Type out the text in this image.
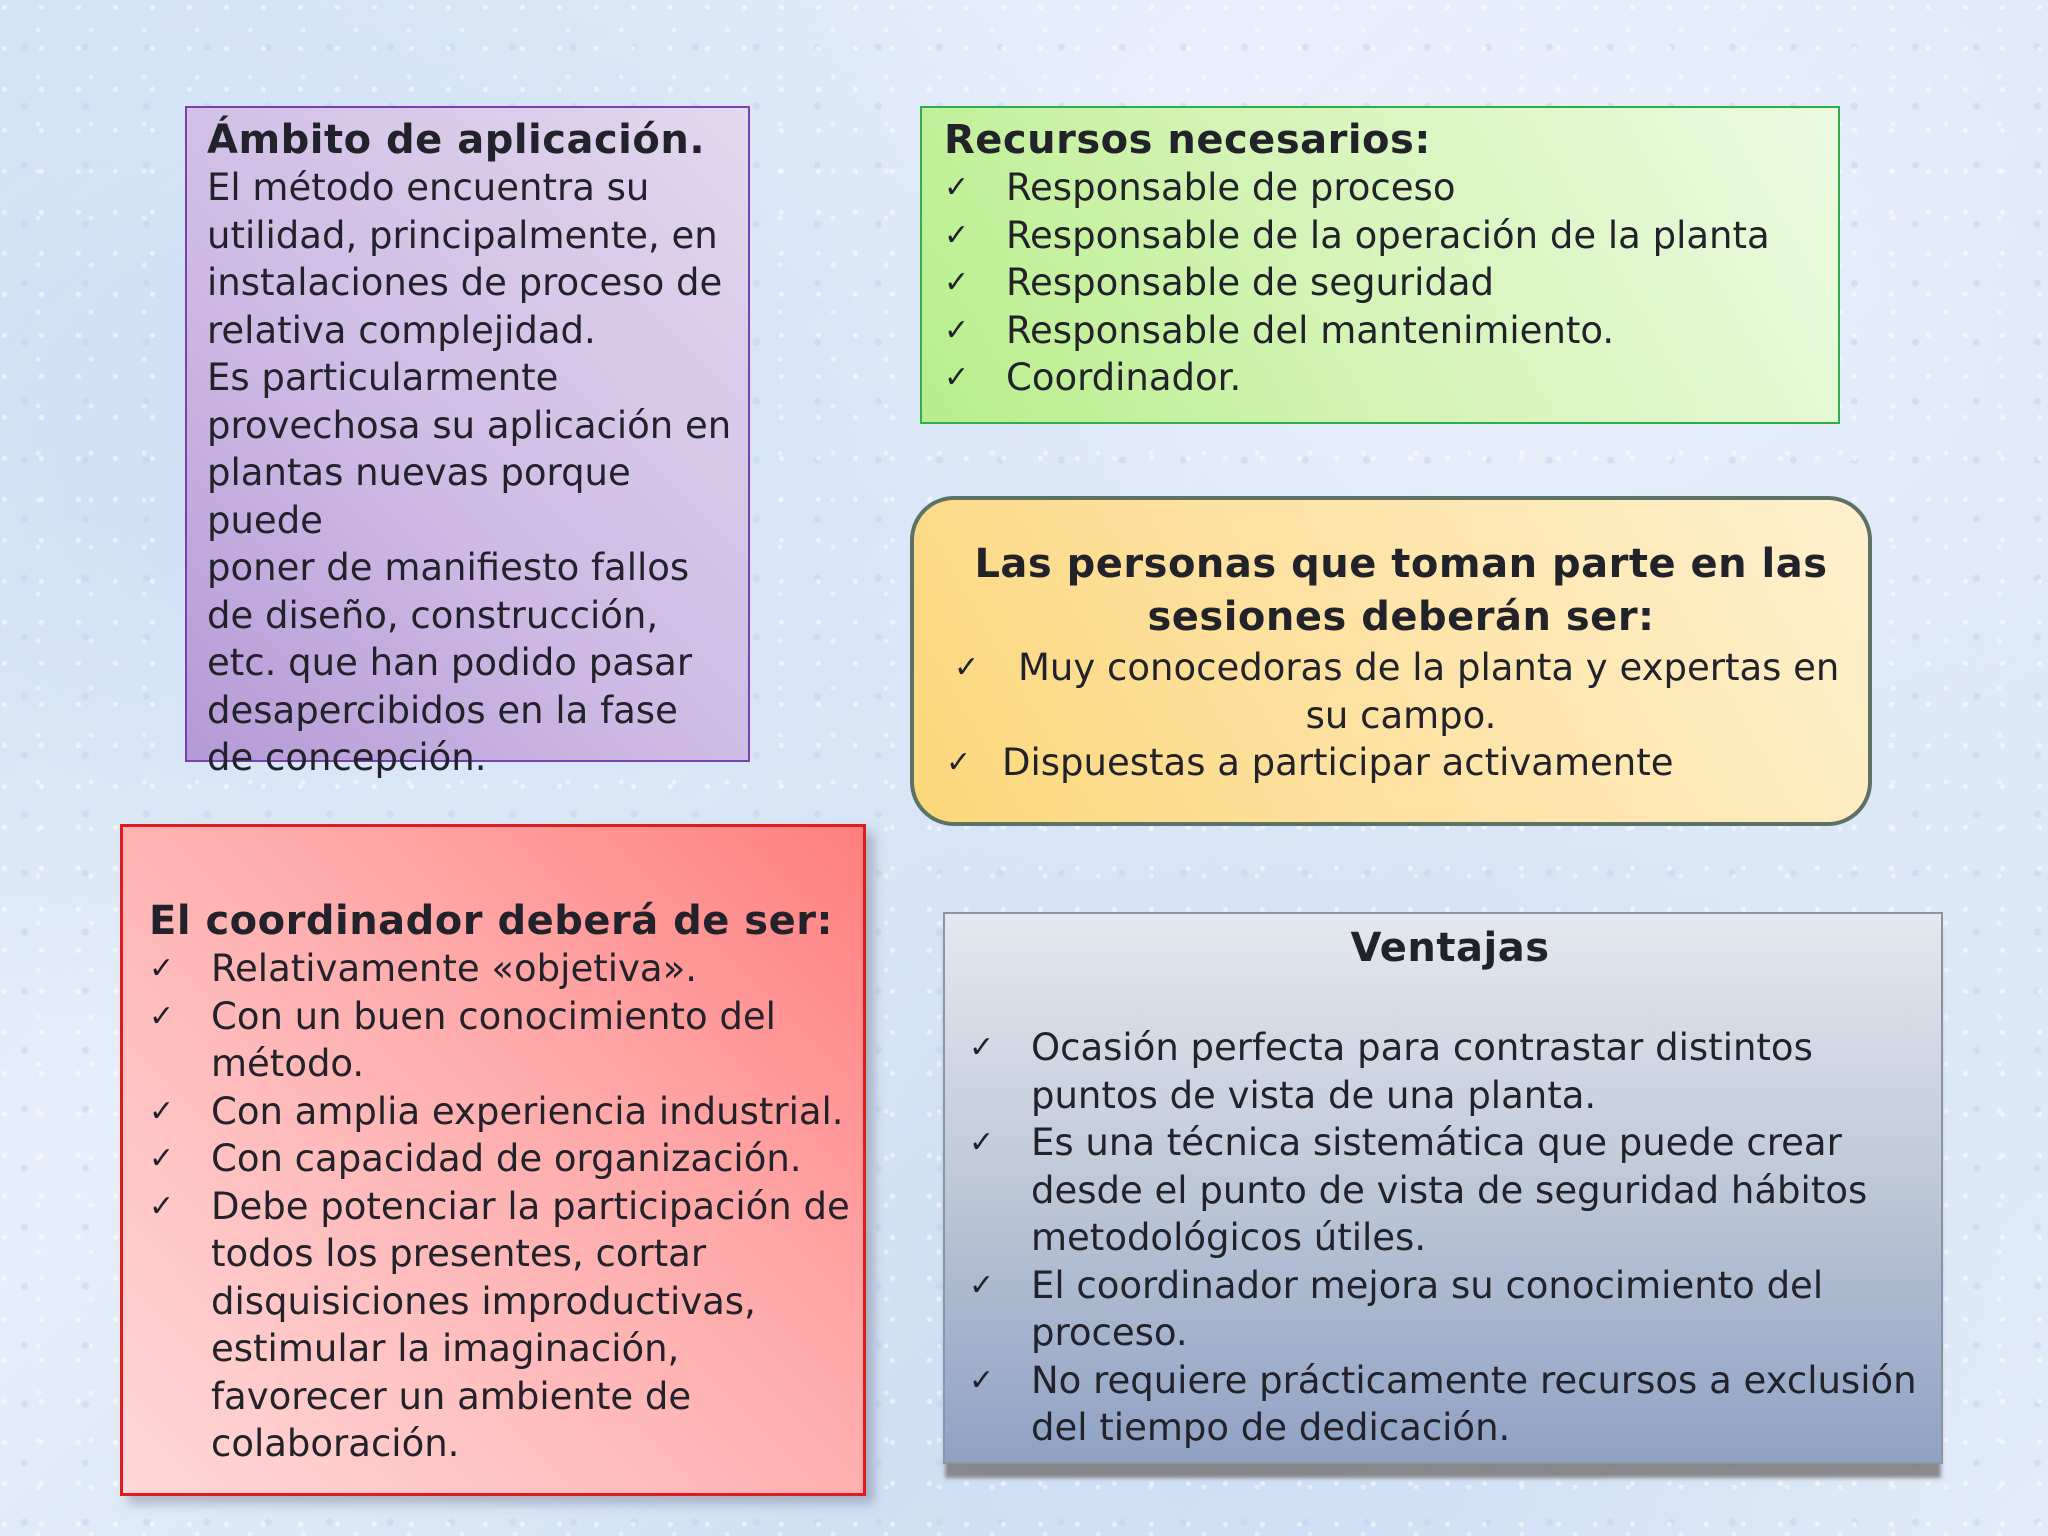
Ámbito de aplicación.
El método encuentra su
utilidad, principalmente, en
instalaciones de proceso de
relativa complejidad.
Es particularmente
provechosa su aplicación en
plantas nuevas porque puede
poner de manifiesto fallos
de diseño, construcción,
etc. que han podido pasar
desapercibidos en la fase
de concepción.
Recursos necesarios:
✓ Responsable de proceso
✓ Responsable de la operación de la planta
✓ Responsable de seguridad
✓ Responsable del mantenimiento.
✓ Coordinador.
Las personas que toman parte en las
sesiones deberán ser:
✓ Muy conocedoras de la planta y expertas en
su campo.
✓ Dispuestas a participar activamente
El coordinador deberá de ser:
✓ Relativamente «objetiva».
✓ Con un buen conocimiento del
método.
✓ Con amplia experiencia industrial.
✓ Con capacidad de organización.
✓ Debe potenciar la participación de
todos los presentes, cortar
disquisiciones improductivas,
estimular la imaginación,
favorecer un ambiente de
colaboración.
Ventajas
✓ Ocasión perfecta para contrastar distintos
puntos de vista de una planta.
✓ Es una técnica sistemática que puede crear
desde el punto de vista de seguridad hábitos
metodológicos útiles.
✓ El coordinador mejora su conocimiento del
proceso.
✓ No requiere prácticamente recursos a exclusión
del tiempo de dedicación.
